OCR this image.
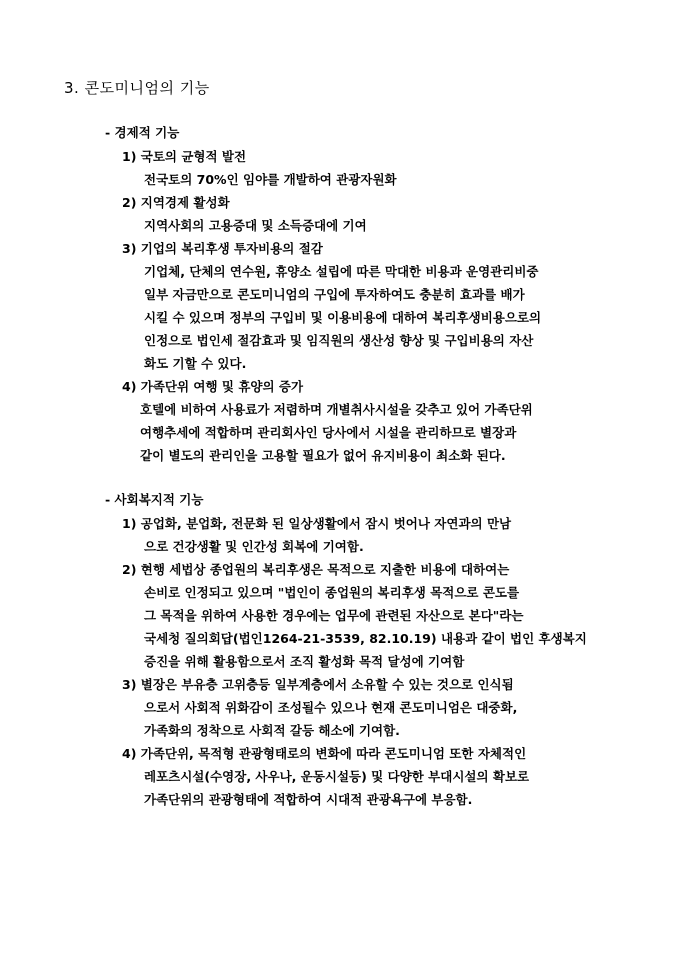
3. 콘도미니엄의 기능
- 경제적 기능
1) 국토의 균형적 발전
전국토의 70%인 임야를 개발하여 관광자원화
2) 지역경제 활성화
지역사회의 고용증대 및 소득증대에 기여
3) 기업의 복리후생 투자비용의 절감
기업체, 단체의 연수원, 휴양소 설립에 따른 막대한 비용과 운영관리비중
일부 자금만으로 콘도미니엄의 구입에 투자하여도 충분히 효과를 배가
시킬 수 있으며 정부의 구입비 및 이용비용에 대하여 복리후생비용으로의
인정으로 법인세 절감효과 및 임직원의 생산성 향상 및 구입비용의 자산
화도 기할 수 있다.
4) 가족단위 여행 및 휴양의 증가
호텔에 비하여 사용료가 저렴하며 개별취사시설을 갖추고 있어 가족단위
여행추세에 적합하며 관리회사인 당사에서 시설을 관리하므로 별장과
같이 별도의 관리인을 고용할 필요가 없어 유지비용이 최소화 된다.
- 사회복지적 기능
1) 공업화, 분업화, 전문화 된 일상생활에서 잠시 벗어나 자연과의 만남
으로 건강생활 및 인간성 회복에 기여함.
2) 현행 세법상 종업원의 복리후생은 목적으로 지출한 비용에 대하여는
손비로 인정되고 있으며 "법인이 종업원의 복리후생 목적으로 콘도를
그 목적을 위하여 사용한 경우에는 업무에 관련된 자산으로 본다"라는
국세청 질의회답(법인1264-21-3539, 82.10.19) 내용과 같이 법인 후생복지
증진을 위해 활용함으로서 조직 활성화 목적 달성에 기여함
3) 별장은 부유층 고위층등 일부계층에서 소유할 수 있는 것으로 인식됨
으로서 사회적 위화감이 조성될수 있으나 현재 콘도미니엄은 대중화,
가족화의 정착으로 사회적 갈등 해소에 기여함.
4) 가족단위, 목적형 관광형태로의 변화에 따라 콘도미니엄 또한 자체적인
레포츠시설(수영장, 사우나, 운동시설등) 및 다양한 부대시설의 확보로
가족단위의 관광형태에 적합하여 시대적 관광욕구에 부응함.
